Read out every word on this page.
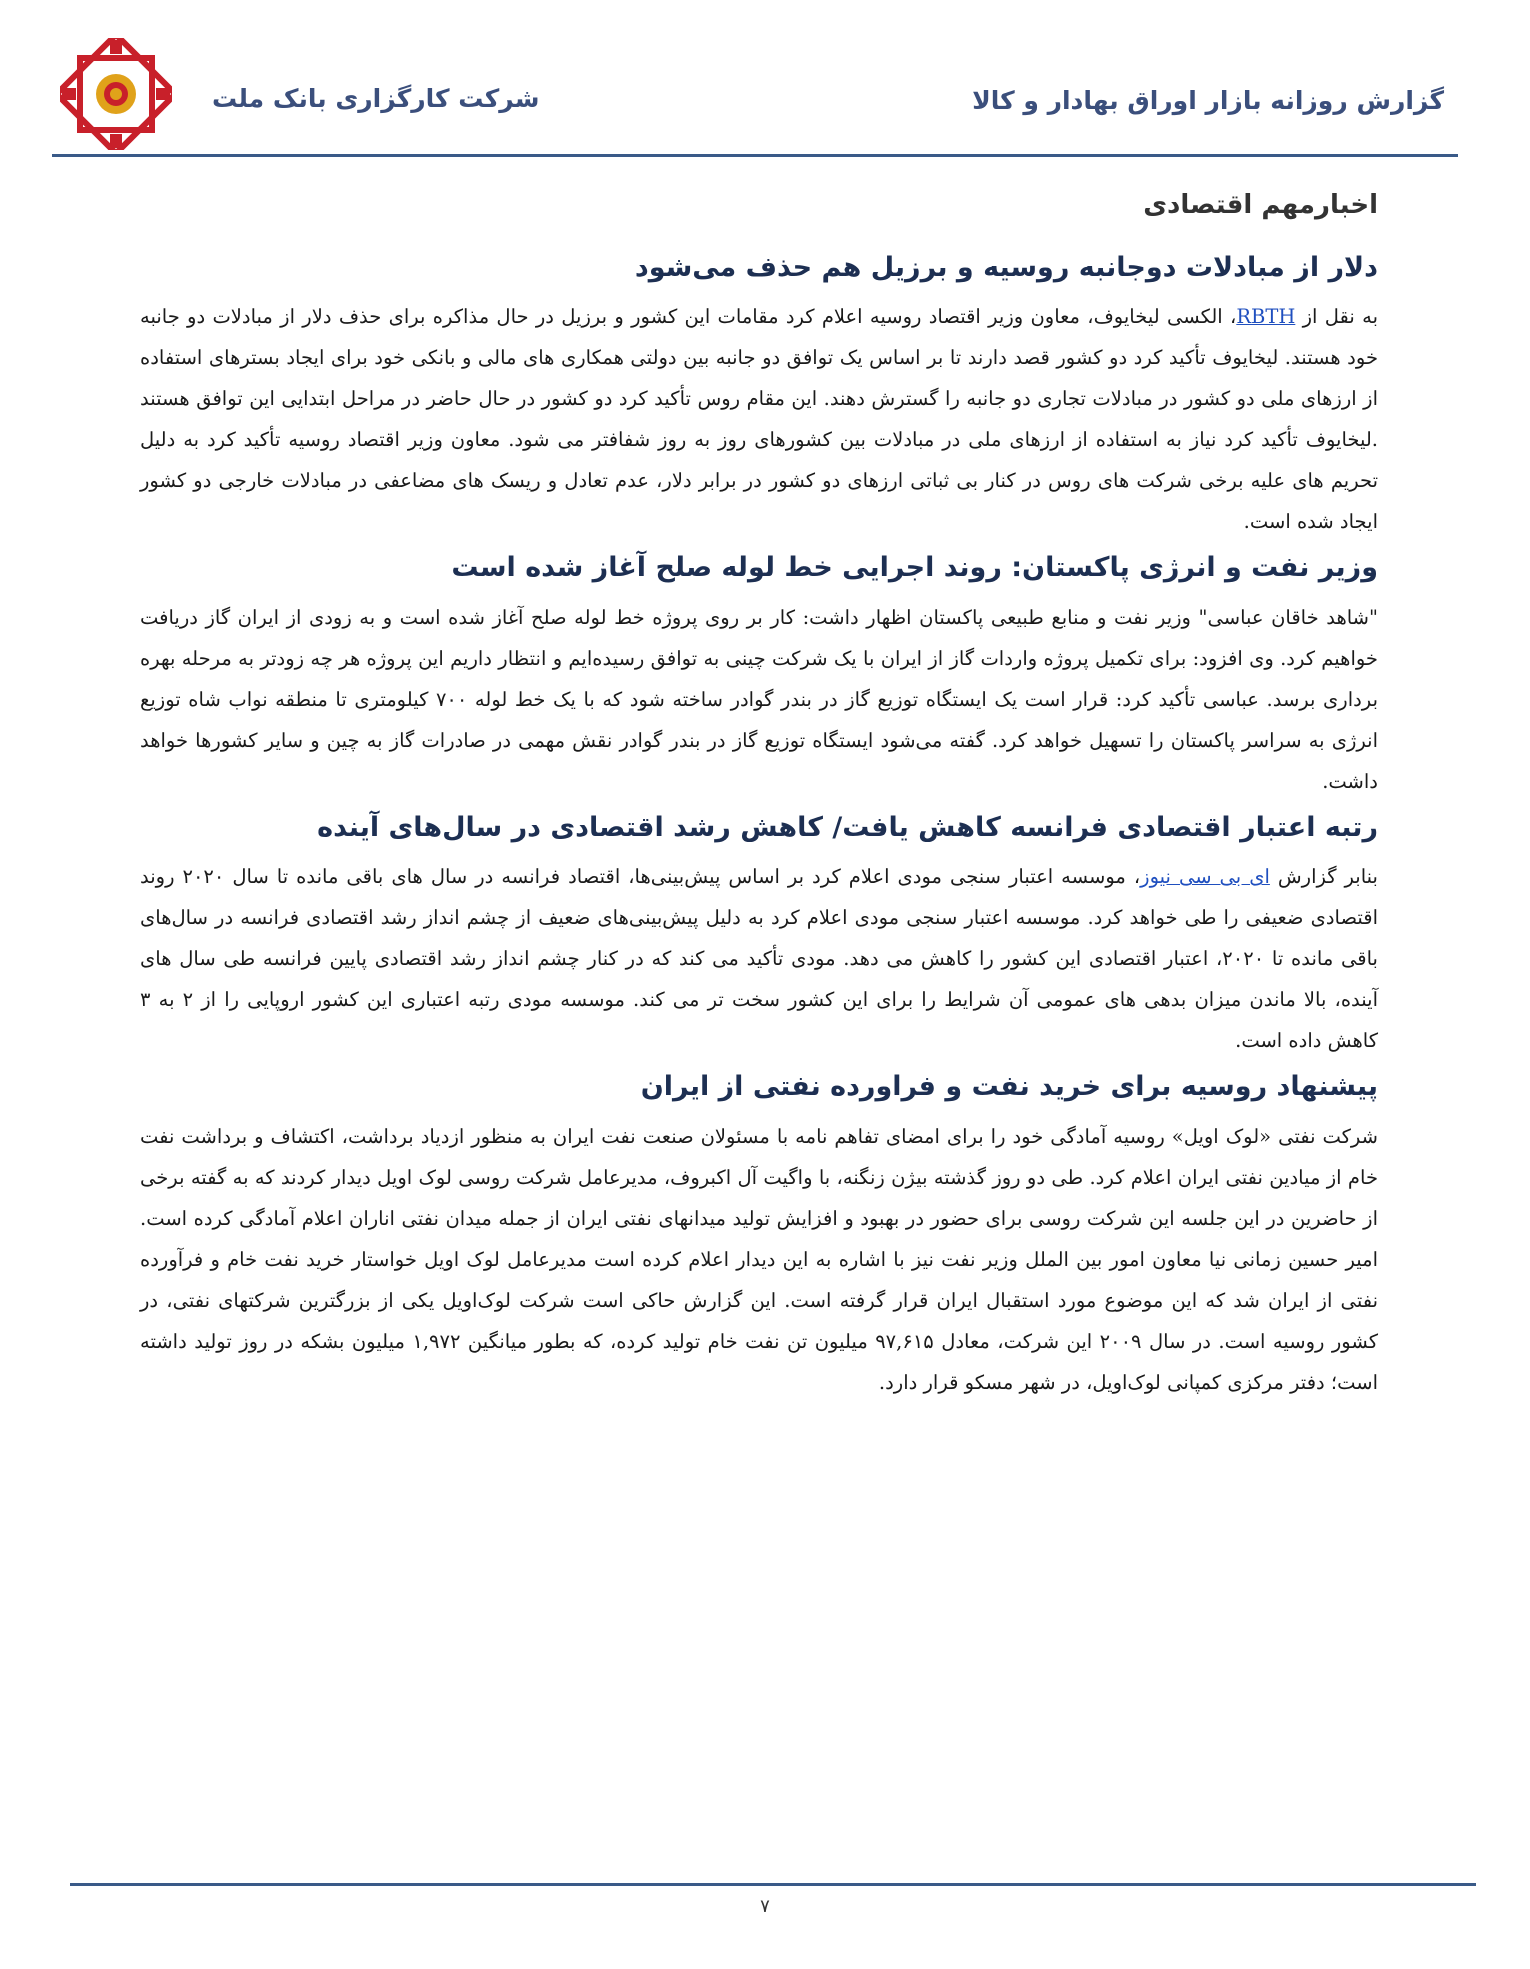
شرکت کارگزاری بانک ملت	گزارش روزانه بازار اوراق بهادار و کالا
اخبارمهم اقتصادی
دلار از مبادلات دوجانبه روسیه و برزیل هم حذف می‌شود

به نقل از RBTH، الکسی لیخایوف، معاون وزیر اقتصاد روسیه اعلام کرد مقامات این کشور و برزیل در حال مذاکره برای حذف دلار از مبادلات دو جانبه خود هستند. لیخایوف تأکید کرد دو کشور قصد دارند تا بر اساس یک توافق دو جانبه بین دولتی همکاری های مالی و بانکی خود برای ایجاد بسترهای استفاده از ارزهای ملی دو کشور در مبادلات تجاری دو جانبه را گسترش دهند. این مقام روس تأکید کرد دو کشور در حال حاضر در مراحل ابتدایی این توافق هستند .لیخایوف تأکید کرد نیاز به استفاده از ارزهای ملی در مبادلات بین کشورهای روز به روز شفافتر می شود. معاون وزیر اقتصاد روسیه تأکید کرد به دلیل تحریم های علیه برخی شرکت های روس در کنار بی ثباتی ارزهای دو کشور در برابر دلار، عدم تعادل و ریسک های مضاعفی در مبادلات خارجی دو کشور ایجاد شده است.

وزیر نفت و انرژی پاکستان: روند اجرایی خط لوله صلح آغاز شده است

"شاهد خاقان عباسی" وزیر نفت و منابع طبیعی پاکستان اظهار داشت: کار بر روی پروژه خط لوله صلح آغاز شده است و به زودی از ایران گاز دریافت خواهیم کرد. وی افزود: برای تکمیل پروژه واردات گاز از ایران با یک شرکت چینی به توافق رسیده‌ایم و انتظار داریم این پروژه هر چه زودتر به مرحله بهره برداری برسد. عباسی تأکید کرد: قرار است یک ایستگاه توزیع گاز در بندر گوادر ساخته شود که با یک خط لوله ۷۰۰ کیلومتری تا منطقه نواب شاه توزیع انرژی به سراسر پاکستان را تسهیل خواهد کرد. گفته می‌شود ایستگاه توزیع گاز در بندر گوادر نقش مهمی در صادرات گاز به چین و سایر کشورها خواهد داشت.

رتبه اعتبار اقتصادی فرانسه کاهش یافت/ کاهش رشد اقتصادی در سال‌های آینده

بنابر گزارش ای بی سی نیوز، موسسه اعتبار سنجی مودی اعلام کرد بر اساس پیش‌بینی‌ها، اقتصاد فرانسه در سال های باقی مانده تا سال ۲۰۲۰ روند اقتصادی ضعیفی را طی خواهد کرد. موسسه اعتبار سنجی مودی اعلام کرد به دلیل پیش‌بینی‌های ضعیف از چشم انداز رشد اقتصادی فرانسه در سال‌های باقی مانده تا ۲۰۲۰، اعتبار اقتصادی این کشور را کاهش می دهد. مودی تأکید می کند که در کنار چشم انداز رشد اقتصادی پایین فرانسه طی سال های آینده، بالا ماندن میزان بدهی های عمومی آن شرایط را برای این کشور سخت تر می کند. موسسه مودی رتبه اعتباری این کشور اروپایی را از ۲ به ۳ کاهش داده است.

پیشنهاد روسیه برای خرید نفت و فراورده نفتی از ایران

شرکت نفتی «لوک اویل» روسیه آمادگی خود را برای امضای تفاهم نامه با مسئولان صنعت نفت ایران به منظور ازدیاد برداشت، اکتشاف و برداشت نفت خام از میادین نفتی ایران اعلام کرد. طی دو روز گذشته بیژن زنگنه، با واگیت آل اکبروف، مدیرعامل شرکت روسی لوک اویل دیدار کردند که به گفته برخی از حاضرین در این جلسه این شرکت روسی برای حضور در بهبود و افزایش تولید میدانهای نفتی ایران از جمله میدان نفتی اناران اعلام آمادگی کرده است. امیر حسین زمانی نیا معاون امور بین الملل وزیر نفت نیز با اشاره به این دیدار اعلام کرده است مدیرعامل لوک اویل خواستار خرید نفت خام و فرآورده نفتی از ایران شد که این موضوع مورد استقبال ایران قرار گرفته است. این گزارش حاکی است شرکت لوک‌اویل یکی از بزرگترین شرکتهای نفتی، در کشور روسیه است. در سال ۲۰۰۹ این شرکت، معادل ۹۷,۶۱۵ میلیون تن نفت خام تولید کرده، که بطور میانگین ۱,۹۷۲ میلیون بشکه در روز تولید داشته است؛ دفتر مرکزی کمپانی لوک‌اویل، در شهر مسکو قرار دارد.

۷
